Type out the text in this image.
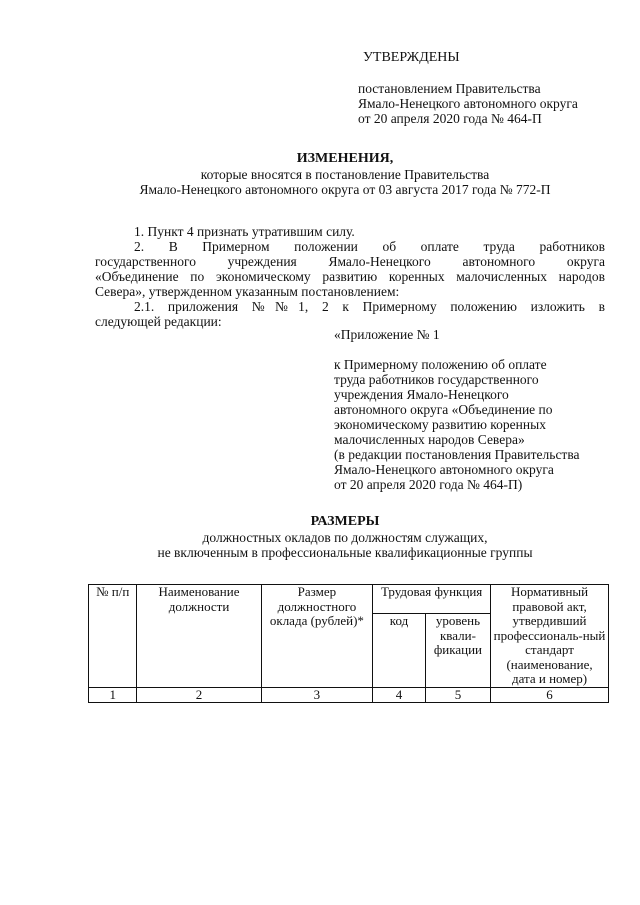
УТВЕРЖДЕНЫ
постановлением Правительства
Ямало-Ненецкого автономного округа
от 20 апреля 2020 года № 464-П
ИЗМЕНЕНИЯ,
которые вносятся в постановление Правительства
Ямало-Ненецкого автономного округа от 03 августа 2017 года № 772-П
1. Пункт 4 признать утратившим силу.
2. В Примерном положении об оплате труда работников
государственного учреждения Ямало-Ненецкого автономного округа
«Объединение по экономическому развитию коренных малочисленных народов
Севера», утвержденном указанным постановлением:
2.1. приложения №№1, 2 к Примерному положению изложить в
следующей редакции:
«Приложение № 1
к Примерному положению об оплате
труда работников государственного
учреждения Ямало-Ненецкого
автономного округа «Объединение по
экономическому развитию коренных
малочисленных народов Севера»
(в редакции постановления Правительства
Ямало-Ненецкого автономного округа
от 20 апреля 2020 года № 464-П)
РАЗМЕРЫ
должностных окладов по должностям служащих,
не включенным в профессиональные квалификационные группы
№ п/п	Наименование должности	Размер должностного оклада (рублей)*	Трудовая функция		Нормативный правовой акт, утвердивший профессиональ-ный стандарт (наименование, дата и номер)
			код	уровень квали-фикации	
1	2	3	4	5	6
